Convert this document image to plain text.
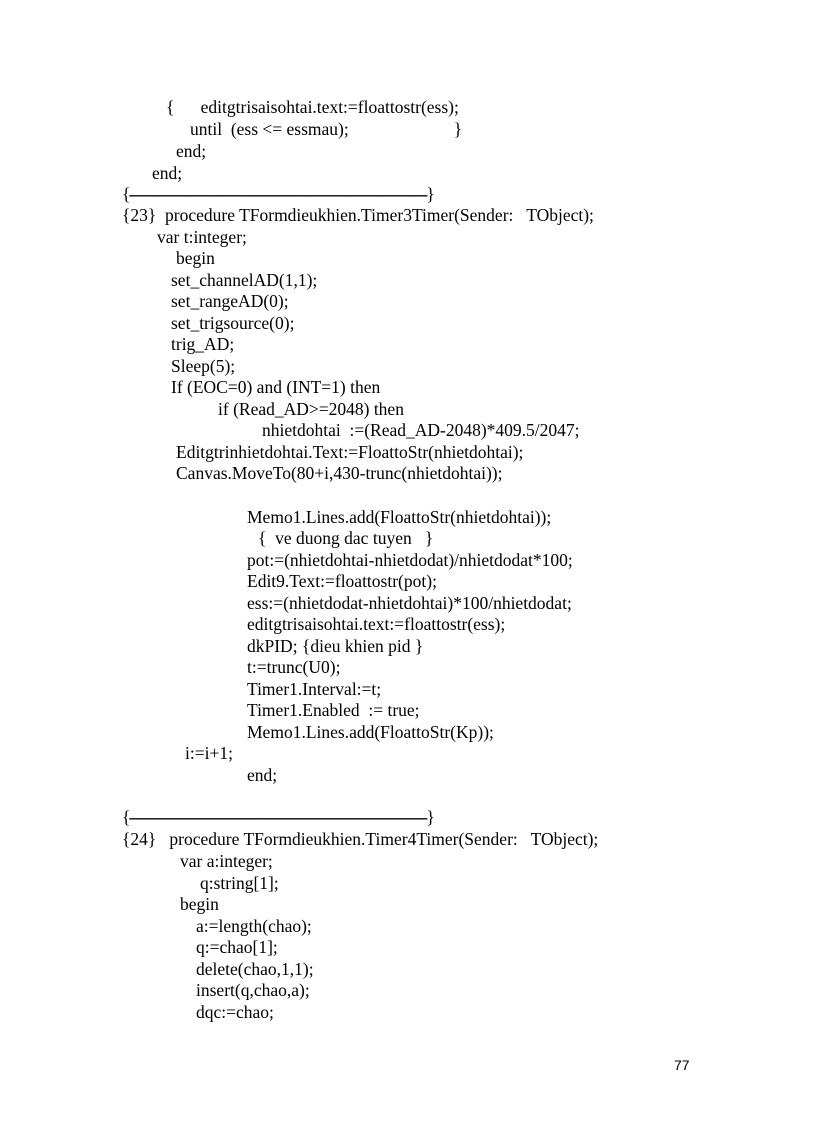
{      editgtrisaisohtai.text:=floattostr(ess);
until  (ess <= essmau);                        }
end;
end;
{-------------------------------------------------------------------------}
{23}  procedure TFormdieukhien.Timer3Timer(Sender:   TObject);
var t:integer;
begin
set_channelAD(1,1);
set_rangeAD(0);
set_trigsource(0);
trig_AD;
Sleep(5);
If (EOC=0) and (INT=1) then
if (Read_AD>=2048) then
nhietdohtai  :=(Read_AD-2048)*409.5/2047;
Editgtrinhietdohtai.Text:=FloattoStr(nhietdohtai);
Canvas.MoveTo(80+i,430-trunc(nhietdohtai));
Memo1.Lines.add(FloattoStr(nhietdohtai));
{  ve duong dac tuyen   }
pot:=(nhietdohtai-nhietdodat)/nhietdodat*100;
Edit9.Text:=floattostr(pot);
ess:=(nhietdodat-nhietdohtai)*100/nhietdodat;
editgtrisaisohtai.text:=floattostr(ess);
dkPID; {dieu khien pid }
t:=trunc(U0);
Timer1.Interval:=t;
Timer1.Enabled  := true;
Memo1.Lines.add(FloattoStr(Kp));
i:=i+1;
end;
{-------------------------------------------------------------------------}
{24}   procedure TFormdieukhien.Timer4Timer(Sender:   TObject);
var a:integer;
q:string[1];
begin
a:=length(chao);
q:=chao[1];
delete(chao,1,1);
insert(q,chao,a);
dqc:=chao;
77
